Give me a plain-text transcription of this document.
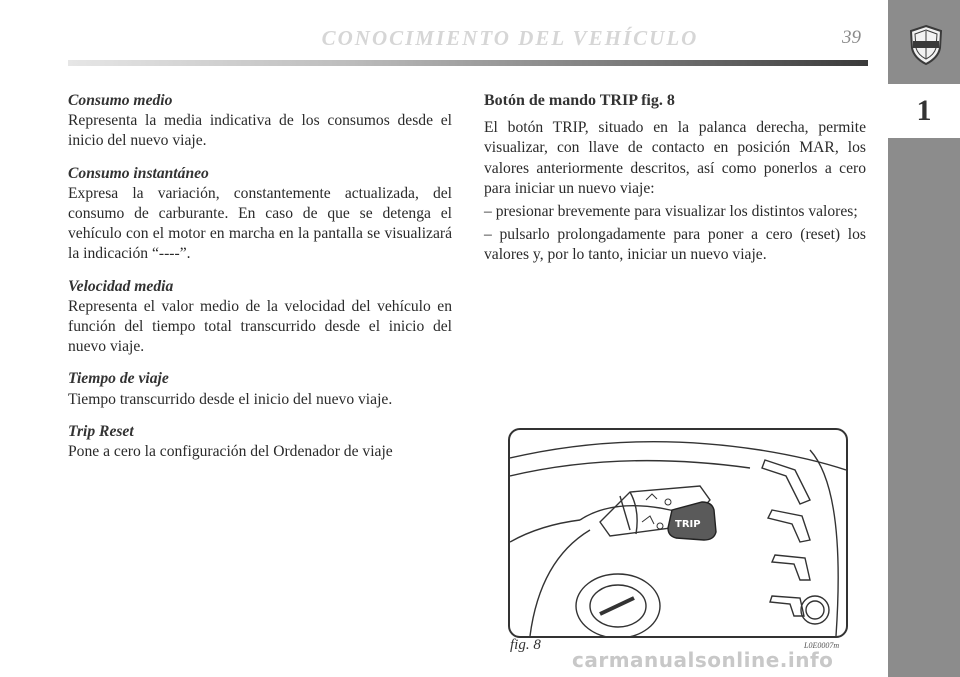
CONOCIMIENTO DEL VEHÍCULO	39
1

Consumo medio

Representa la media indicativa de los consumos desde el inicio del nuevo viaje.

Consumo instantáneo

Expresa la variación, constantemente actualizada, del consumo de carburante. En caso de que se detenga el vehículo con el motor en marcha en la pantalla se visualizará la indicación “----”.

Velocidad media

Representa el valor medio de la velocidad del vehículo en función del tiempo total transcurrido desde el inicio del nuevo viaje.

Tiempo de viaje

Tiempo transcurrido desde el inicio del nuevo viaje.

Trip Reset

Pone a cero la configuración del Ordenador de viaje

Botón de mando TRIP fig. 8

El botón TRIP, situado en la palanca derecha, permite visualizar, con llave de contacto en posición MAR, los valores anteriormente descritos, así como ponerlos a cero para iniciar un nuevo viaje:

– presionar brevemente para visualizar los distintos valores;

– pulsarlo prolongadamente para poner a cero (reset) los valores y, por lo tanto, iniciar un nuevo viaje.

TRIP
fig. 8	L0E0007m
carmanualsonline.info
